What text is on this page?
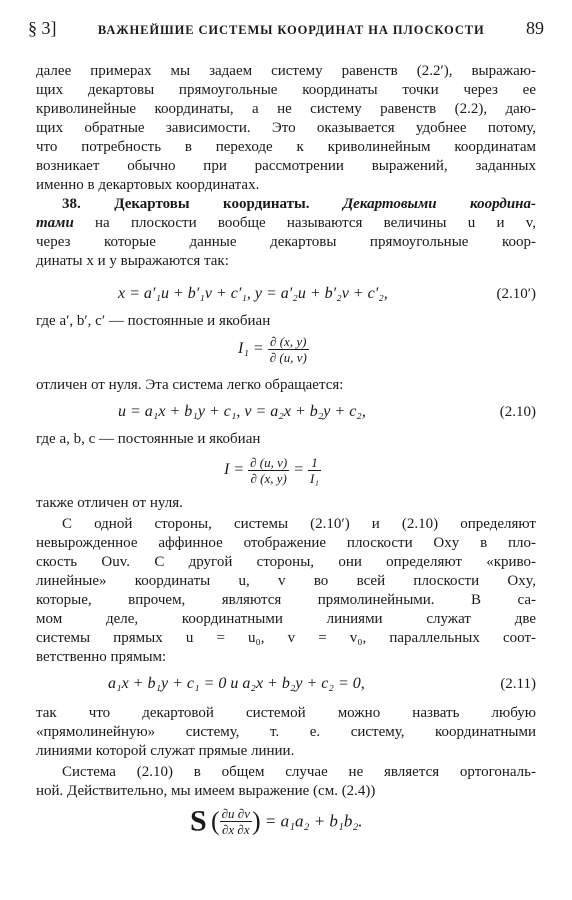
§ 3]	ВАЖНЕЙШИЕ СИСТЕМЫ КООРДИНАТ НА ПЛОСКОСТИ 89
далее примерах мы задаем систему равенств (2.2′), выражаю-
щих декартовы прямоугольные координаты точки через ее
криволинейные координаты, а не систему равенств (2.2), даю-
щих обратные зависимости. Это оказывается удобнее потому,
что потребность в переходе к криволинейным координатам
возникает обычно при рассмотрении выражений, заданных
именно в декартовых координатах.
38. Декартовы координаты. Декартовыми координа-
тами на плоскости вообще называются величины u и v,
через которые данные декартовы прямоугольные коор-
динаты x и y выражаются так:
x = a′₁u + b′₁v + c′₁, y = a′₂u + b′₂v + c′₂,	(2.10′)
где a′, b′, c′ — постоянные и якобиан
$I_1 = \frac{\partial (x, y)}{\partial (u, v)}$
отличен от нуля. Эта система легко обращается:
u = a₁x + b₁y + c₁, v = a₂x + b₂y + c₂,	(2.10)
где a, b, c — постоянные и якобиан
$I = \frac{\partial (u, v)}{\partial (x, y)} = \frac{1}{\text{I₁}}$
также отличен от нуля.
С одной стороны, системы (2.10′) и (2.10) определяют
невырожденное аффинное отображение плоскости Oxy в пло-
скость Ouv. С другой стороны, они определяют «криво-
линейные» координаты u, v во всей плоскости Oxy,
которые, впрочем, являются прямолинейными. В са-
мом деле, координатными линиями служат две
системы прямых u = u₀, v = v₀, параллельных соот-
ветственно прямым:
a₁x + b₁y + c₁ = 0 и a₂x + b₂y + c₂ = 0,	(2.11)
так что декартовой системой можно назвать любую
«прямолинейную» систему, т. е. систему, координатными
линиями которой служат прямые линии.
Система (2.10) в общем случае не является ортогональ-
ной. Действительно, мы имеем выражение (см. (2.4))
S ( $\frac{\partial u \partial v}{\partial x \partial x}$ ) = a₁a₂ + b₁b₂.
